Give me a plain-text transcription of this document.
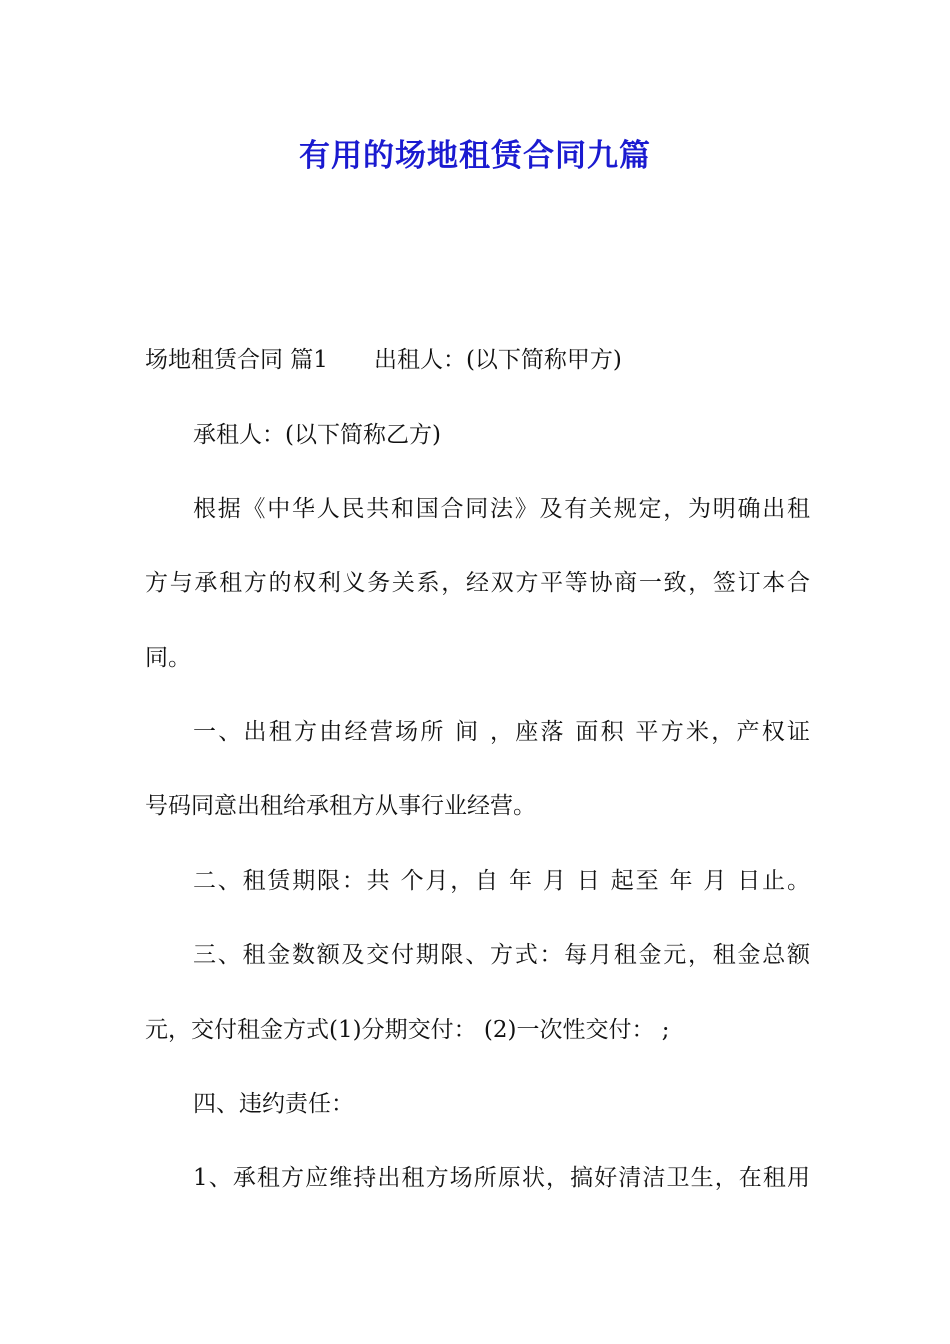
有用的场地租赁合同九篇
场地租赁合同 篇1　　出租人：(以下简称甲方)
承租人：(以下简称乙方)
根据《中华人民共和国合同法》及有关规定，为明确出租
方与承租方的权利义务关系，经双方平等协商一致，签订本合
同。
一、出租方由经营场所 间 ，座落 面积 平方米，产权证
号码同意出租给承租方从事行业经营。
二、租赁期限：共 个月，自 年 月 日 起至 年 月 日止。
三、租金数额及交付期限、方式：每月租金元，租金总额
元，交付租金方式(1)分期交付： (2)一次性交付： ;
四、违约责任：
1、承租方应维持出租方场所原状，搞好清洁卫生，在租用
